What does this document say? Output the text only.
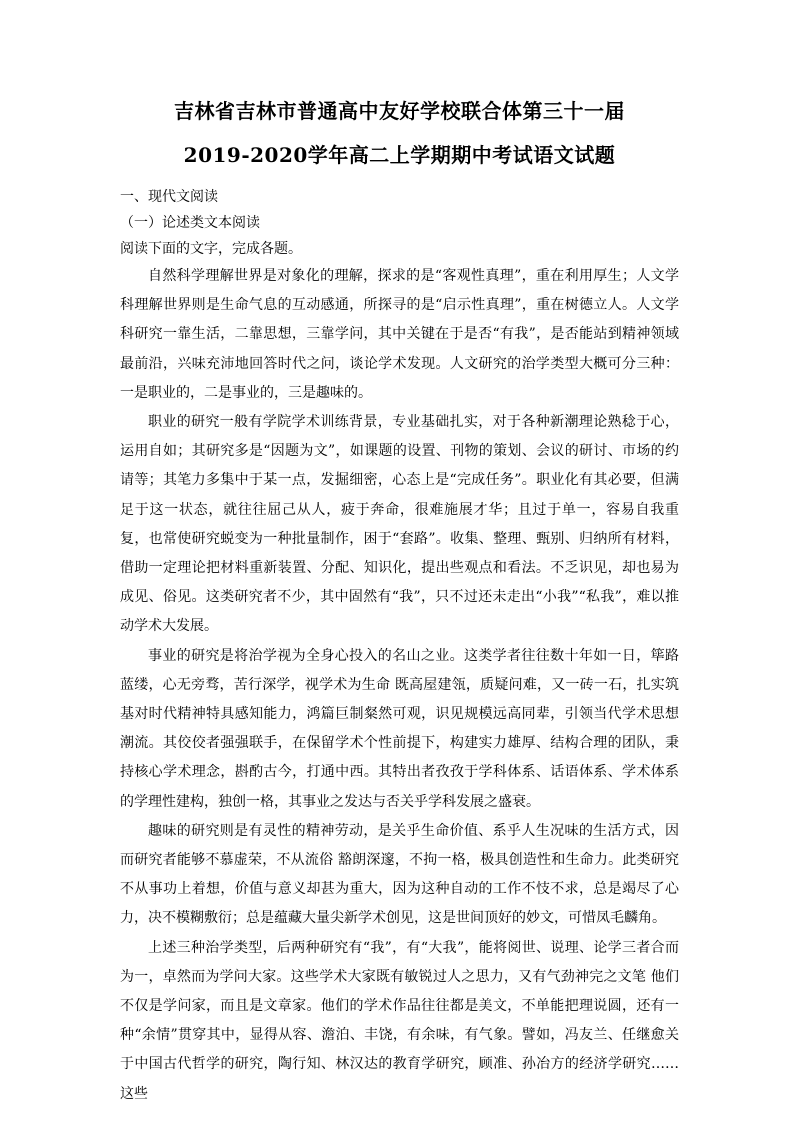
吉林省吉林市普通高中友好学校联合体第三十一届

2019-2020学年高二上学期期中考试语文试题

一、现代文阅读

（一）论述类文本阅读

阅读下面的文字，完成各题。

自然科学理解世界是对象化的理解，探求的是“客观性真理”，重在利用厚生；人文学科理解世界则是生命气息的互动感通，所探寻的是“启示性真理”，重在树德立人。人文学科研究一靠生活，二靠思想，三靠学问，其中关键在于是否“有我”，是否能站到精神领域最前沿，兴味充沛地回答时代之问，谈论学术发现。人文研究的治学类型大概可分三种：一是职业的，二是事业的，三是趣味的。

职业的研究一般有学院学术训练背景，专业基础扎实，对于各种新潮理论熟稔于心，运用自如；其研究多是“因题为文”，如课题的设置、刊物的策划、会议的研讨、市场的约请等；其笔力多集中于某一点，发掘细密，心态上是“完成任务”。职业化有其必要，但满足于这一状态，就往往屈己从人，疲于奔命，很难施展才华；且过于单一，容易自我重复，也常使研究蜕变为一种批量制作，困于“套路”。收集、整理、甄别、归纳所有材料，借助一定理论把材料重新装置、分配、知识化，提出些观点和看法。不乏识见，却也易为成见、俗见。这类研究者不少，其中固然有“我”，只不过还未走出“小我”“私我”，难以推动学术大发展。

事业的研究是将治学视为全身心投入的名山之业。这类学者往往数十年如一日，筚路蓝缕，心无旁骛，苦行深学，视学术为生命 既高屋建瓴，质疑问难，又一砖一石，扎实筑基对时代精神特具感知能力，鸿篇巨制粲然可观，识见规模远高同辈，引领当代学术思想潮流。其佼佼者强强联手，在保留学术个性前提下，构建实力雄厚、结构合理的团队，秉持核心学术理念，斟酌古今，打通中西。其特出者孜孜于学科体系、话语体系、学术体系的学理性建构，独创一格，其事业之发达与否关乎学科发展之盛衰。

趣味的研究则是有灵性的精神劳动，是关乎生命价值、系乎人生况味的生活方式，因而研究者能够不慕虚荣，不从流俗 豁朗深邃，不拘一格，极具创造性和生命力。此类研究不从事功上着想，价值与意义却甚为重大，因为这种自动的工作不忮不求，总是竭尽了心力，决不模糊敷衍；总是蕴藏大量尖新学术创见，这是世间顶好的妙文，可惜凤毛麟角。

上述三种治学类型，后两种研究有“我”，有“大我”，能将阅世、说理、论学三者合而为一，卓然而为学问大家。这些学术大家既有敏锐过人之思力，又有气劲神完之文笔 他们不仅是学问家，而且是文章家。他们的学术作品往往都是美文，不单能把理说圆，还有一种“余情”贯穿其中，显得从容、澹泊、丰饶，有余味，有气象。譬如，冯友兰、任继愈关于中国古代哲学的研究，陶行知、林汉达的教育学研究，顾准、孙冶方的经济学研究……这些
